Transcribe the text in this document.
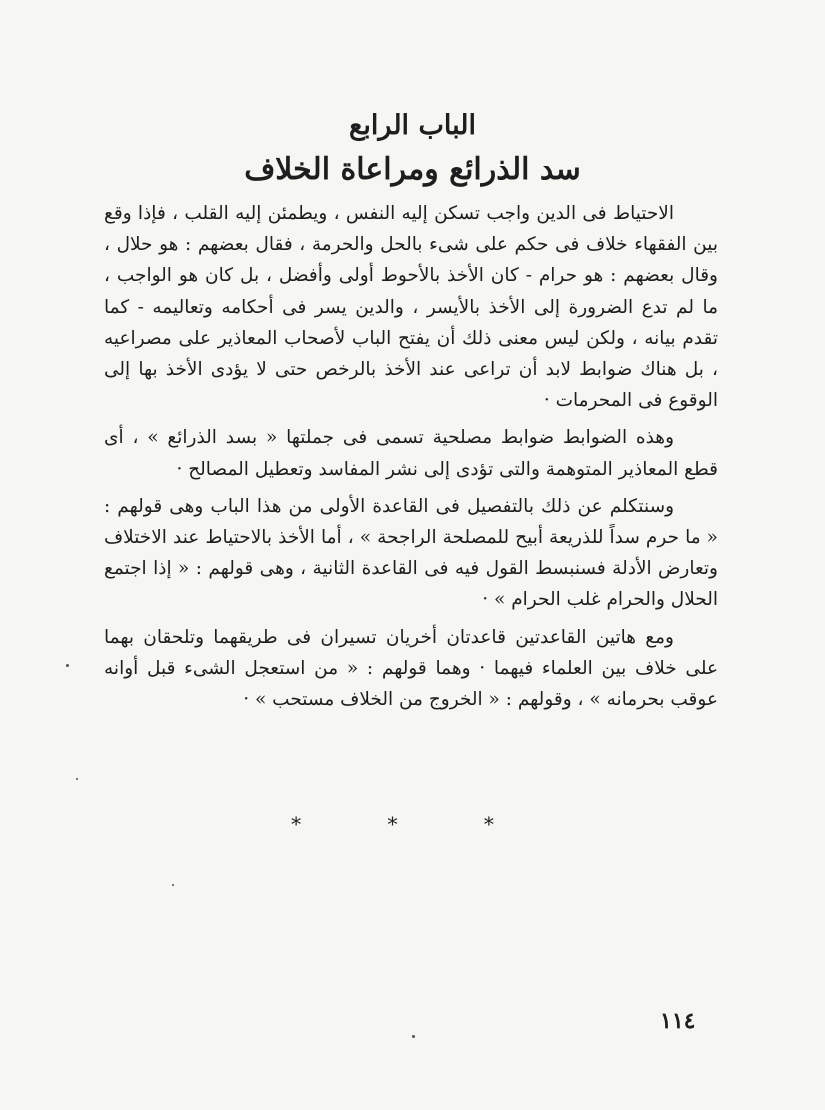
الباب الرابع
سد الذرائع ومراعاة الخلاف

الاحتياط فى الدين واجب تسكن إليه النفس ، ويطمئن إليه القلب ، فإذا وقع بين الفقهاء خلاف فى حكم على شىء بالحل والحرمة ، فقال بعضهم : هو حلال ، وقال بعضهم : هو حرام - كان الأخذ بالأحوط أولى وأفضل ، بل كان هو الواجب ، ما لم تدع الضرورة إلى الأخذ بالأيسر ، والدين يسر فى أحكامه وتعاليمه - كما تقدم بيانه ، ولكن ليس معنى ذلك أن يفتح الباب لأصحاب المعاذير على مصراعيه ، بل هناك ضوابط لابد أن تراعى عند الأخذ بالرخص حتى لا يؤدى الأخذ بها إلى الوقوع فى المحرمات ·

وهذه الضوابط ضوابط مصلحية تسمى فى جملتها « بسد الذرائع » ، أى قطع المعاذير المتوهمة والتى تؤدى إلى نشر المفاسد وتعطيل المصالح ·

وسنتكلم عن ذلك بالتفصيل فى القاعدة الأولى من هذا الباب وهى قولهم : « ما حرم سداً للذريعة أبيح للمصلحة الراجحة » ، أما الأخذ بالاحتياط عند الاختلاف وتعارض الأدلة فسنبسط القول فيه فى القاعدة الثانية ، وهى قولهم : « إذا اجتمع الحلال والحرام غلب الحرام » ·

ومع هاتين القاعدتين قاعدتان أخريان تسيران فى طريقهما وتلحقان بهما على خلاف بين العلماء فيهما · وهما قولهم : « من استعجل الشىء قبل أوانه عوقب بحرمانه » ، وقولهم : « الخروج من الخلاف مستحب » ·

* * *
١١٤
